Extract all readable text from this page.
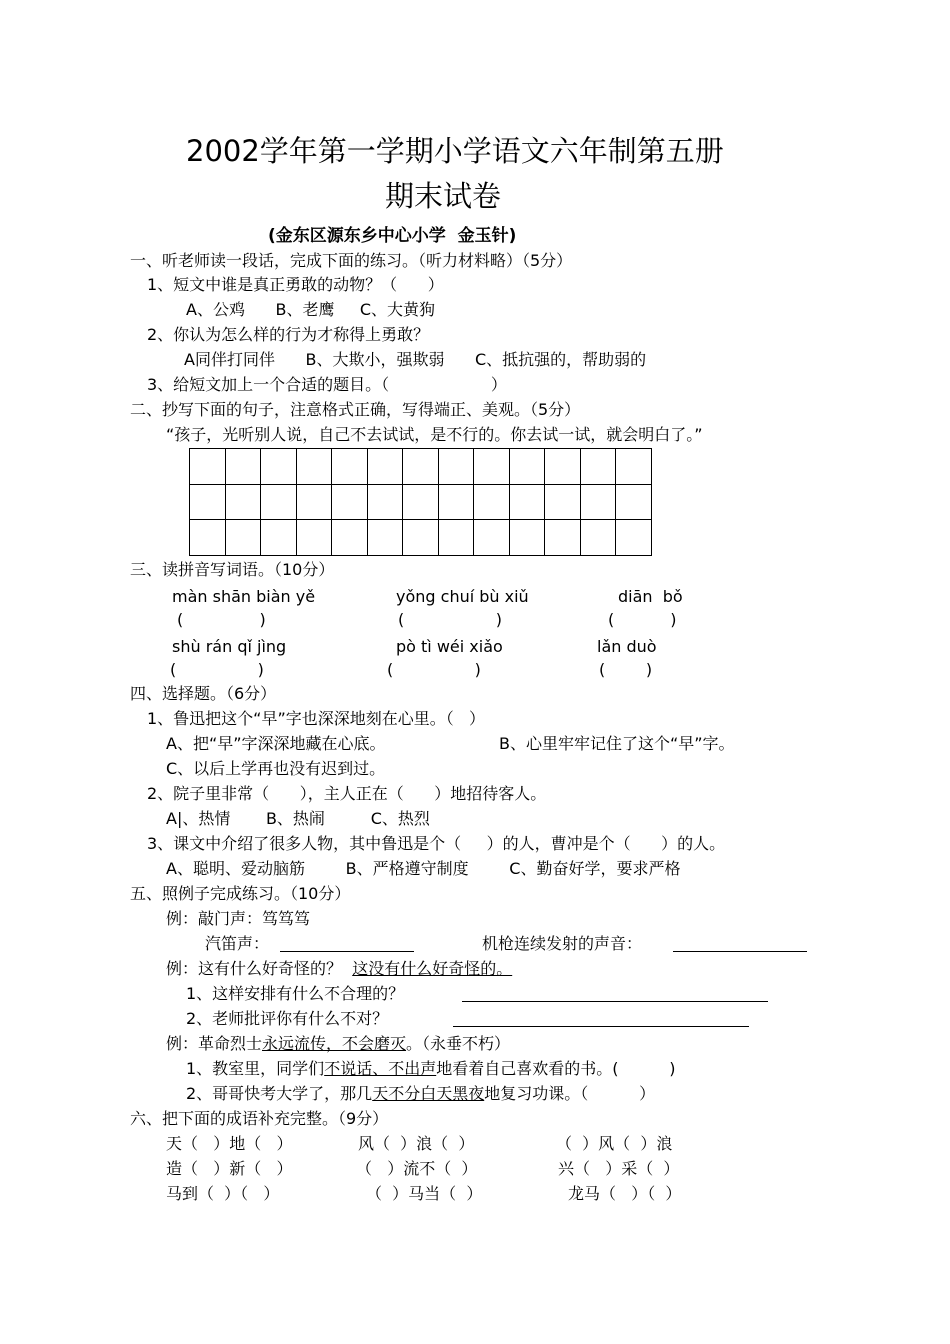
2002学年第一学期小学语文六年制第五册
期末试卷
(金东区源东乡中心小学  金玉针)
一、听老师读一段话，完成下面的练习。（听力材料略）（5分）
1、短文中谁是真正勇敢的动物？（      ）
A、公鸡      B、老鹰     C、大黄狗
2、你认为怎么样的行为才称得上勇敢？
A同伴打同伴      B、大欺小，强欺弱      C、抵抗强的，帮助弱的
3、给短文加上一个合适的题目。（                    ）
二、抄写下面的句子，注意格式正确，写得端正、美观。（5分）
“孩子，光听别人说，自己不去试试，是不行的。你去试一试，就会明白了。”

三、读拼音写词语。（10分）
màn shān biàn yě	yǒng chuí bù xiǔ	diān  bǒ
(               )	(                  )	(           )
shù rán qǐ jìng	pò tì wéi xiǎo	lǎn duò
(                )	(                )	(        )
四、选择题。（6分）
1、鲁迅把这个“早”字也深深地刻在心里。（   ）
A、把“早”字深深地藏在心底。	B、心里牢牢记住了这个“早”字。
C、以后上学再也没有迟到过。
2、院子里非常（      ），主人正在（      ）地招待客人。
A|、热情       B、热闹         C、热烈
3、课文中介绍了很多人物，其中鲁迅是个（     ）的人，曹冲是个（      ）的人。
A、聪明、爱动脑筋        B、严格遵守制度        C、勤奋好学，要求严格
五、照例子完成练习。（10分）
例：敲门声：笃笃笃
汽笛声：	机枪连续发射的声音：
例：这有什么好奇怪的？  这没有什么好奇怪的。
1、这样安排有什么不合理的？
2、老师批评你有什么不对？
例：革命烈士永远流传，不会磨灭。（永垂不朽）
1、教室里，同学们不说话、不出声地看着自己喜欢看的书。(          )
2、哥哥快考大学了，那几天不分白天黑夜地复习功课。（          ）
六、把下面的成语补充完整。（9分）
天（   ）地（   ）	风（  ）浪（  ）	（  ）风（  ）浪
造（   ）新（   ）	（   ）流不（  ）	兴（   ）采（  ）
马到（  ）（   ）	（  ）马当（  ）	龙马（   ）（  ）
